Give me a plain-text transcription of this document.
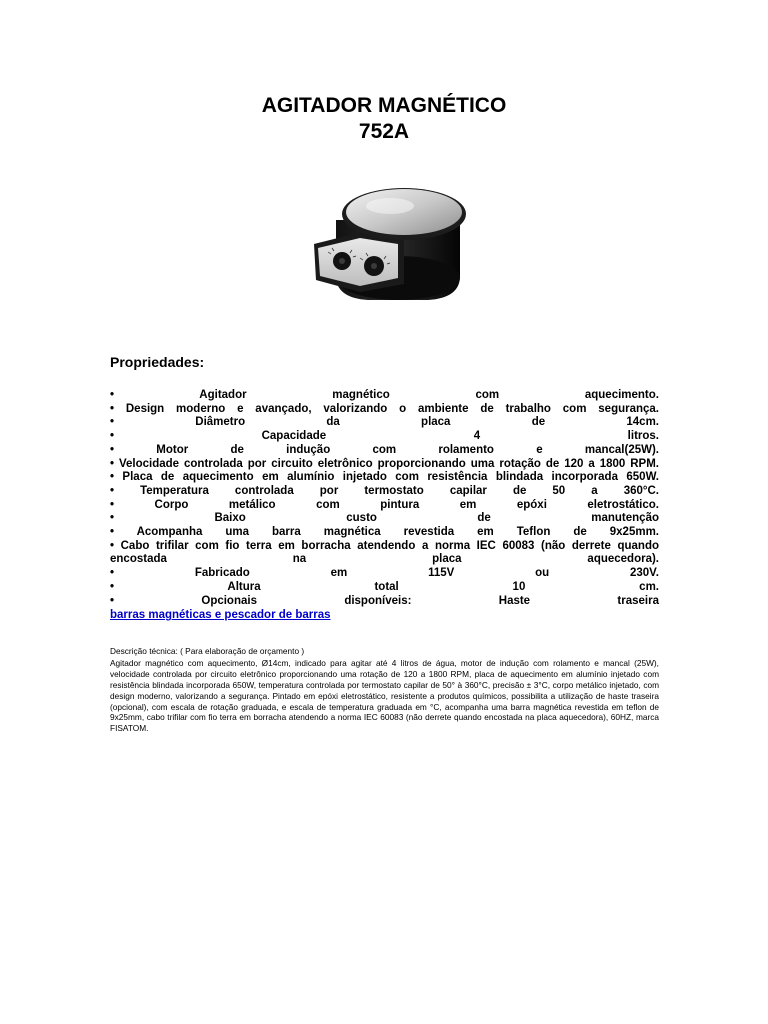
AGITADOR MAGNÉTICO
752A
Propriedades:
• Agitador magnético com aquecimento.
• Design moderno e avançado, valorizando o ambiente de trabalho com segurança.
• Diâmetro da placa de 14cm.
• Capacidade 4 litros.
• Motor de indução com rolamento e mancal(25W).
• Velocidade controlada por circuito eletrônico proporcionando uma rotação de 120 a 1800 RPM.
• Placa de aquecimento em alumínio injetado com resistência blindada incorporada 650W.
• Temperatura controlada por termostato capilar de 50 a 360°C.
• Corpo metálico com pintura em epóxi eletrostático.
• Baixo custo de manutenção
• Acompanha uma barra magnética revestida em Teflon de 9x25mm.
• Cabo trifilar com fio terra em borracha atendendo a norma IEC 60083 (não derrete quando encostada na placa aquecedora).
• Fabricado em 115V ou 230V.
• Altura total 10 cm.
• Opcionais disponíveis: Haste traseira
barras magnéticas e pescador de barras
Descrição técnica: ( Para elaboração de orçamento )
Agitador magnético com aquecimento, Ø14cm, indicado para agitar até 4 litros de água, motor de indução com rolamento e mancal (25W), velocidade controlada por circuito eletrônico proporcionando uma rotação de 120 a 1800 RPM, placa de aquecimento em alumínio injetado com resistência blindada incorporada 650W, temperatura controlada por termostato capilar de 50° à 360°C, precisão ± 3°C, corpo metálico injetado, com design moderno, valorizando a segurança. Pintado em epóxi eletrostático, resistente a produtos químicos, possibilita a utilização de haste traseira (opcional), com escala de rotação graduada, e escala de temperatura graduada em °C, acompanha uma barra magnética revestida em teflon de 9x25mm, cabo trifilar com fio terra em borracha atendendo a norma IEC 60083 (não derrete quando encostada na placa aquecedora), 60HZ, marca FISATOM.
